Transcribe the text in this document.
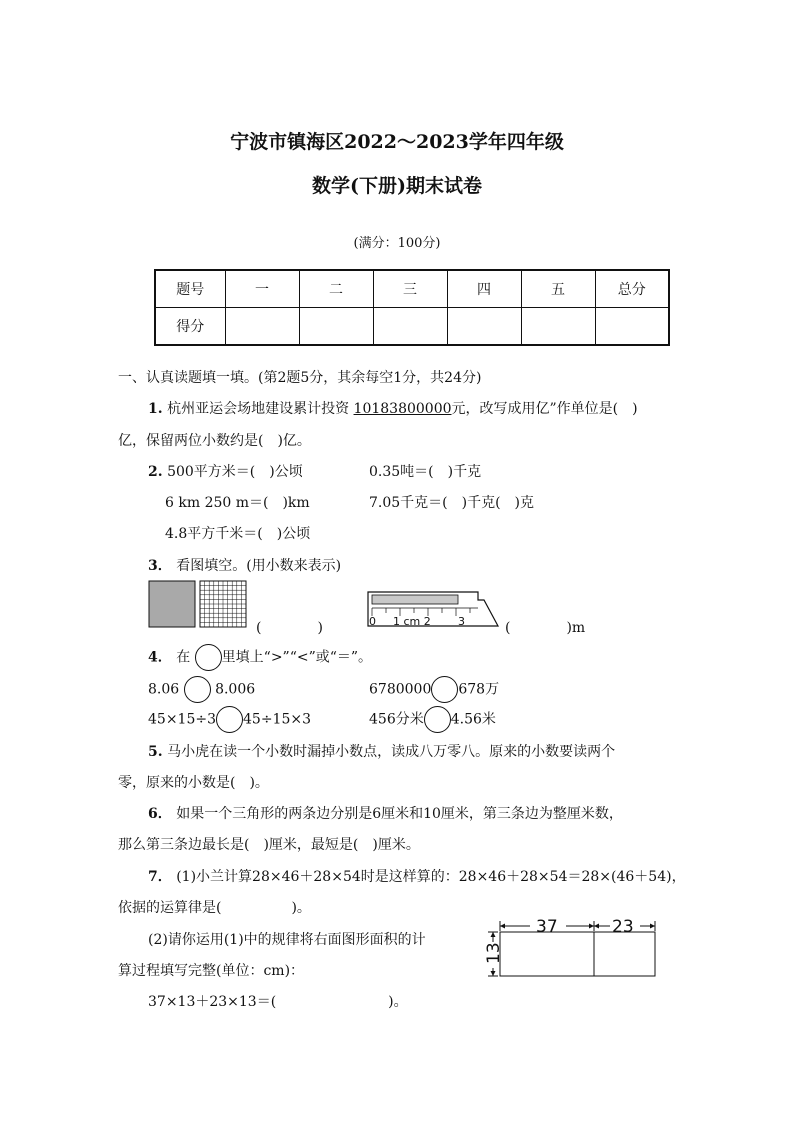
宁波市镇海区2022～2023学年四年级
数学(下册)期末试卷
(满分：100分)
题号	一	二	三	四	五	总分
得分						
一、认真读题填一填。(第2题5分，其余每空1分，共24分)
1. 杭州亚运会场地建设累计投资 10183800000元，改写成用亿”作单位是(　)
亿，保留两位小数约是(　)亿。
2. 500平方米＝(　)公顷	0.35吨＝(　)千克
6 km 250 m＝(　)km	7.05千克＝(　)千克(　)克
4.8平方千米＝(　)公顷
3． 看图填空。(用小数来表示)
(　　　　)	0 1 cm 2 3	(　　　　)m
4． 在 里填上“>”“<”或“＝”。
8.06	8.006	6780000 678万
45×15÷3 45÷15×3	456分米 4.56米
5. 马小虎在读一个小数时漏掉小数点，读成八万零八。原来的小数要读两个
零，原来的小数是(　)。
6． 如果一个三角形的两条边分别是6厘米和10厘米，第三条边为整厘米数，
那么第三条边最长是(　)厘米，最短是(　)厘米。
7． (1)小兰计算28×46＋28×54时是这样算的：28×46＋28×54＝28×(46＋54)，
依据的运算律是(　　　　　)。
(2)请你运用(1)中的规律将右面图形面积的计
算过程填写完整(单位：cm)：
37×13＋23×13＝(　　　　　　　　)。
37	23
13
